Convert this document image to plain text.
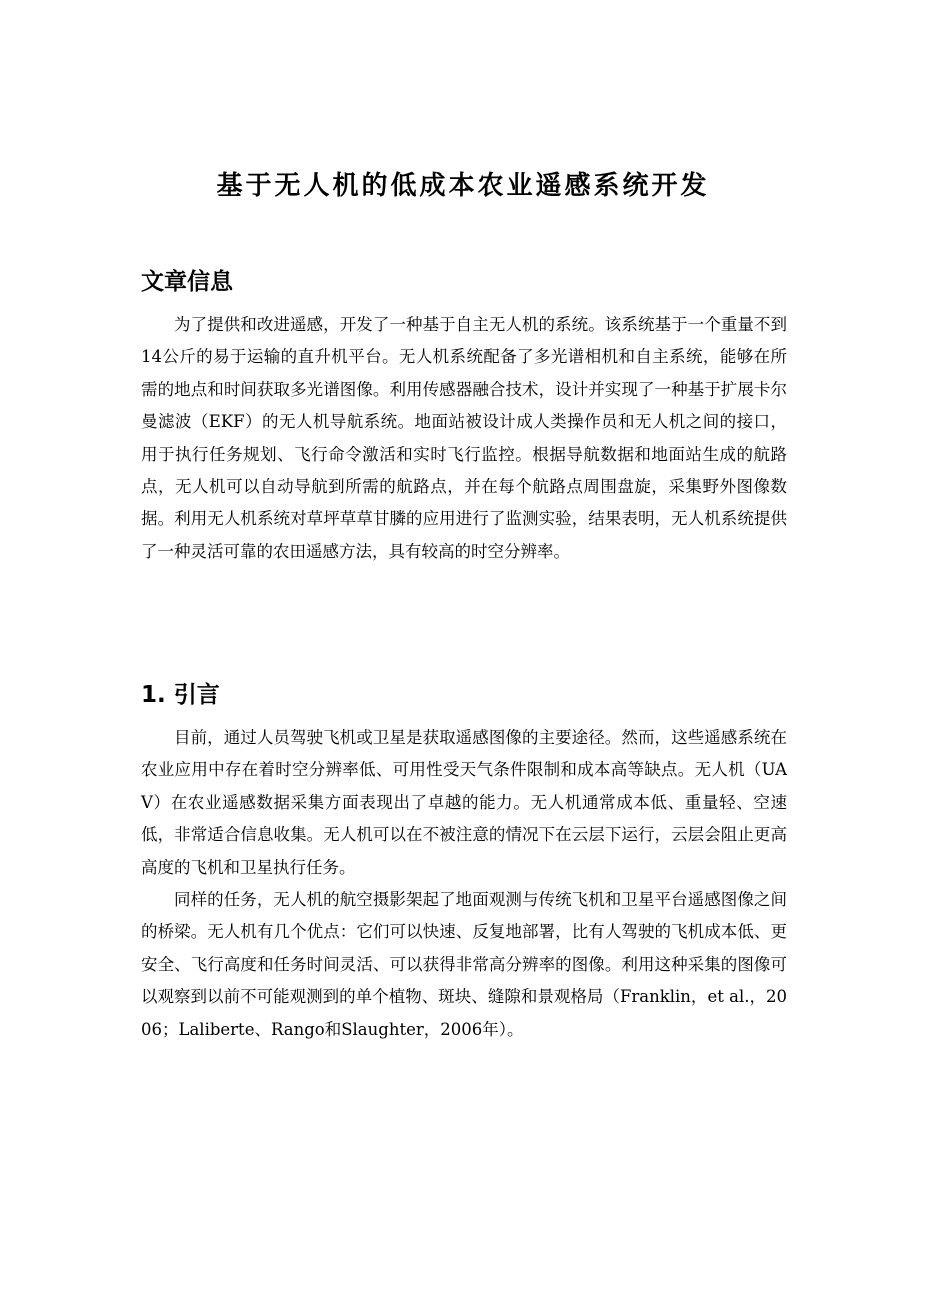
基于无人机的低成本农业遥感系统开发
文章信息

为了提供和改进遥感，开发了一种基于自主无人机的系统。该系统基于一个重量不到14公斤的易于运输的直升机平台。无人机系统配备了多光谱相机和自主系统，能够在所需的地点和时间获取多光谱图像。利用传感器融合技术，设计并实现了一种基于扩展卡尔曼滤波（EKF）的无人机导航系统。地面站被设计成人类操作员和无人机之间的接口，用于执行任务规划、飞行命令激活和实时飞行监控。根据导航数据和地面站生成的航路点，无人机可以自动导航到所需的航路点，并在每个航路点周围盘旋，采集野外图像数据。利用无人机系统对草坪草草甘膦的应用进行了监测实验，结果表明，无人机系统提供了一种灵活可靠的农田遥感方法，具有较高的时空分辨率。

1. 引言

目前，通过人员驾驶飞机或卫星是获取遥感图像的主要途径。然而，这些遥感系统在农业应用中存在着时空分辨率低、可用性受天气条件限制和成本高等缺点。无人机（UAV）在农业遥感数据采集方面表现出了卓越的能力。无人机通常成本低、重量轻、空速低，非常适合信息收集。无人机可以在不被注意的情况下在云层下运行，云层会阻止更高高度的飞机和卫星执行任务。

同样的任务，无人机的航空摄影架起了地面观测与传统飞机和卫星平台遥感图像之间的桥梁。无人机有几个优点：它们可以快速、反复地部署，比有人驾驶的飞机成本低、更安全、飞行高度和任务时间灵活、可以获得非常高分辨率的图像。利用这种采集的图像可以观察到以前不可能观测到的单个植物、斑块、缝隙和景观格局（Franklin，et al.，2006；Laliberte、Rango和Slaughter，2006年）。
